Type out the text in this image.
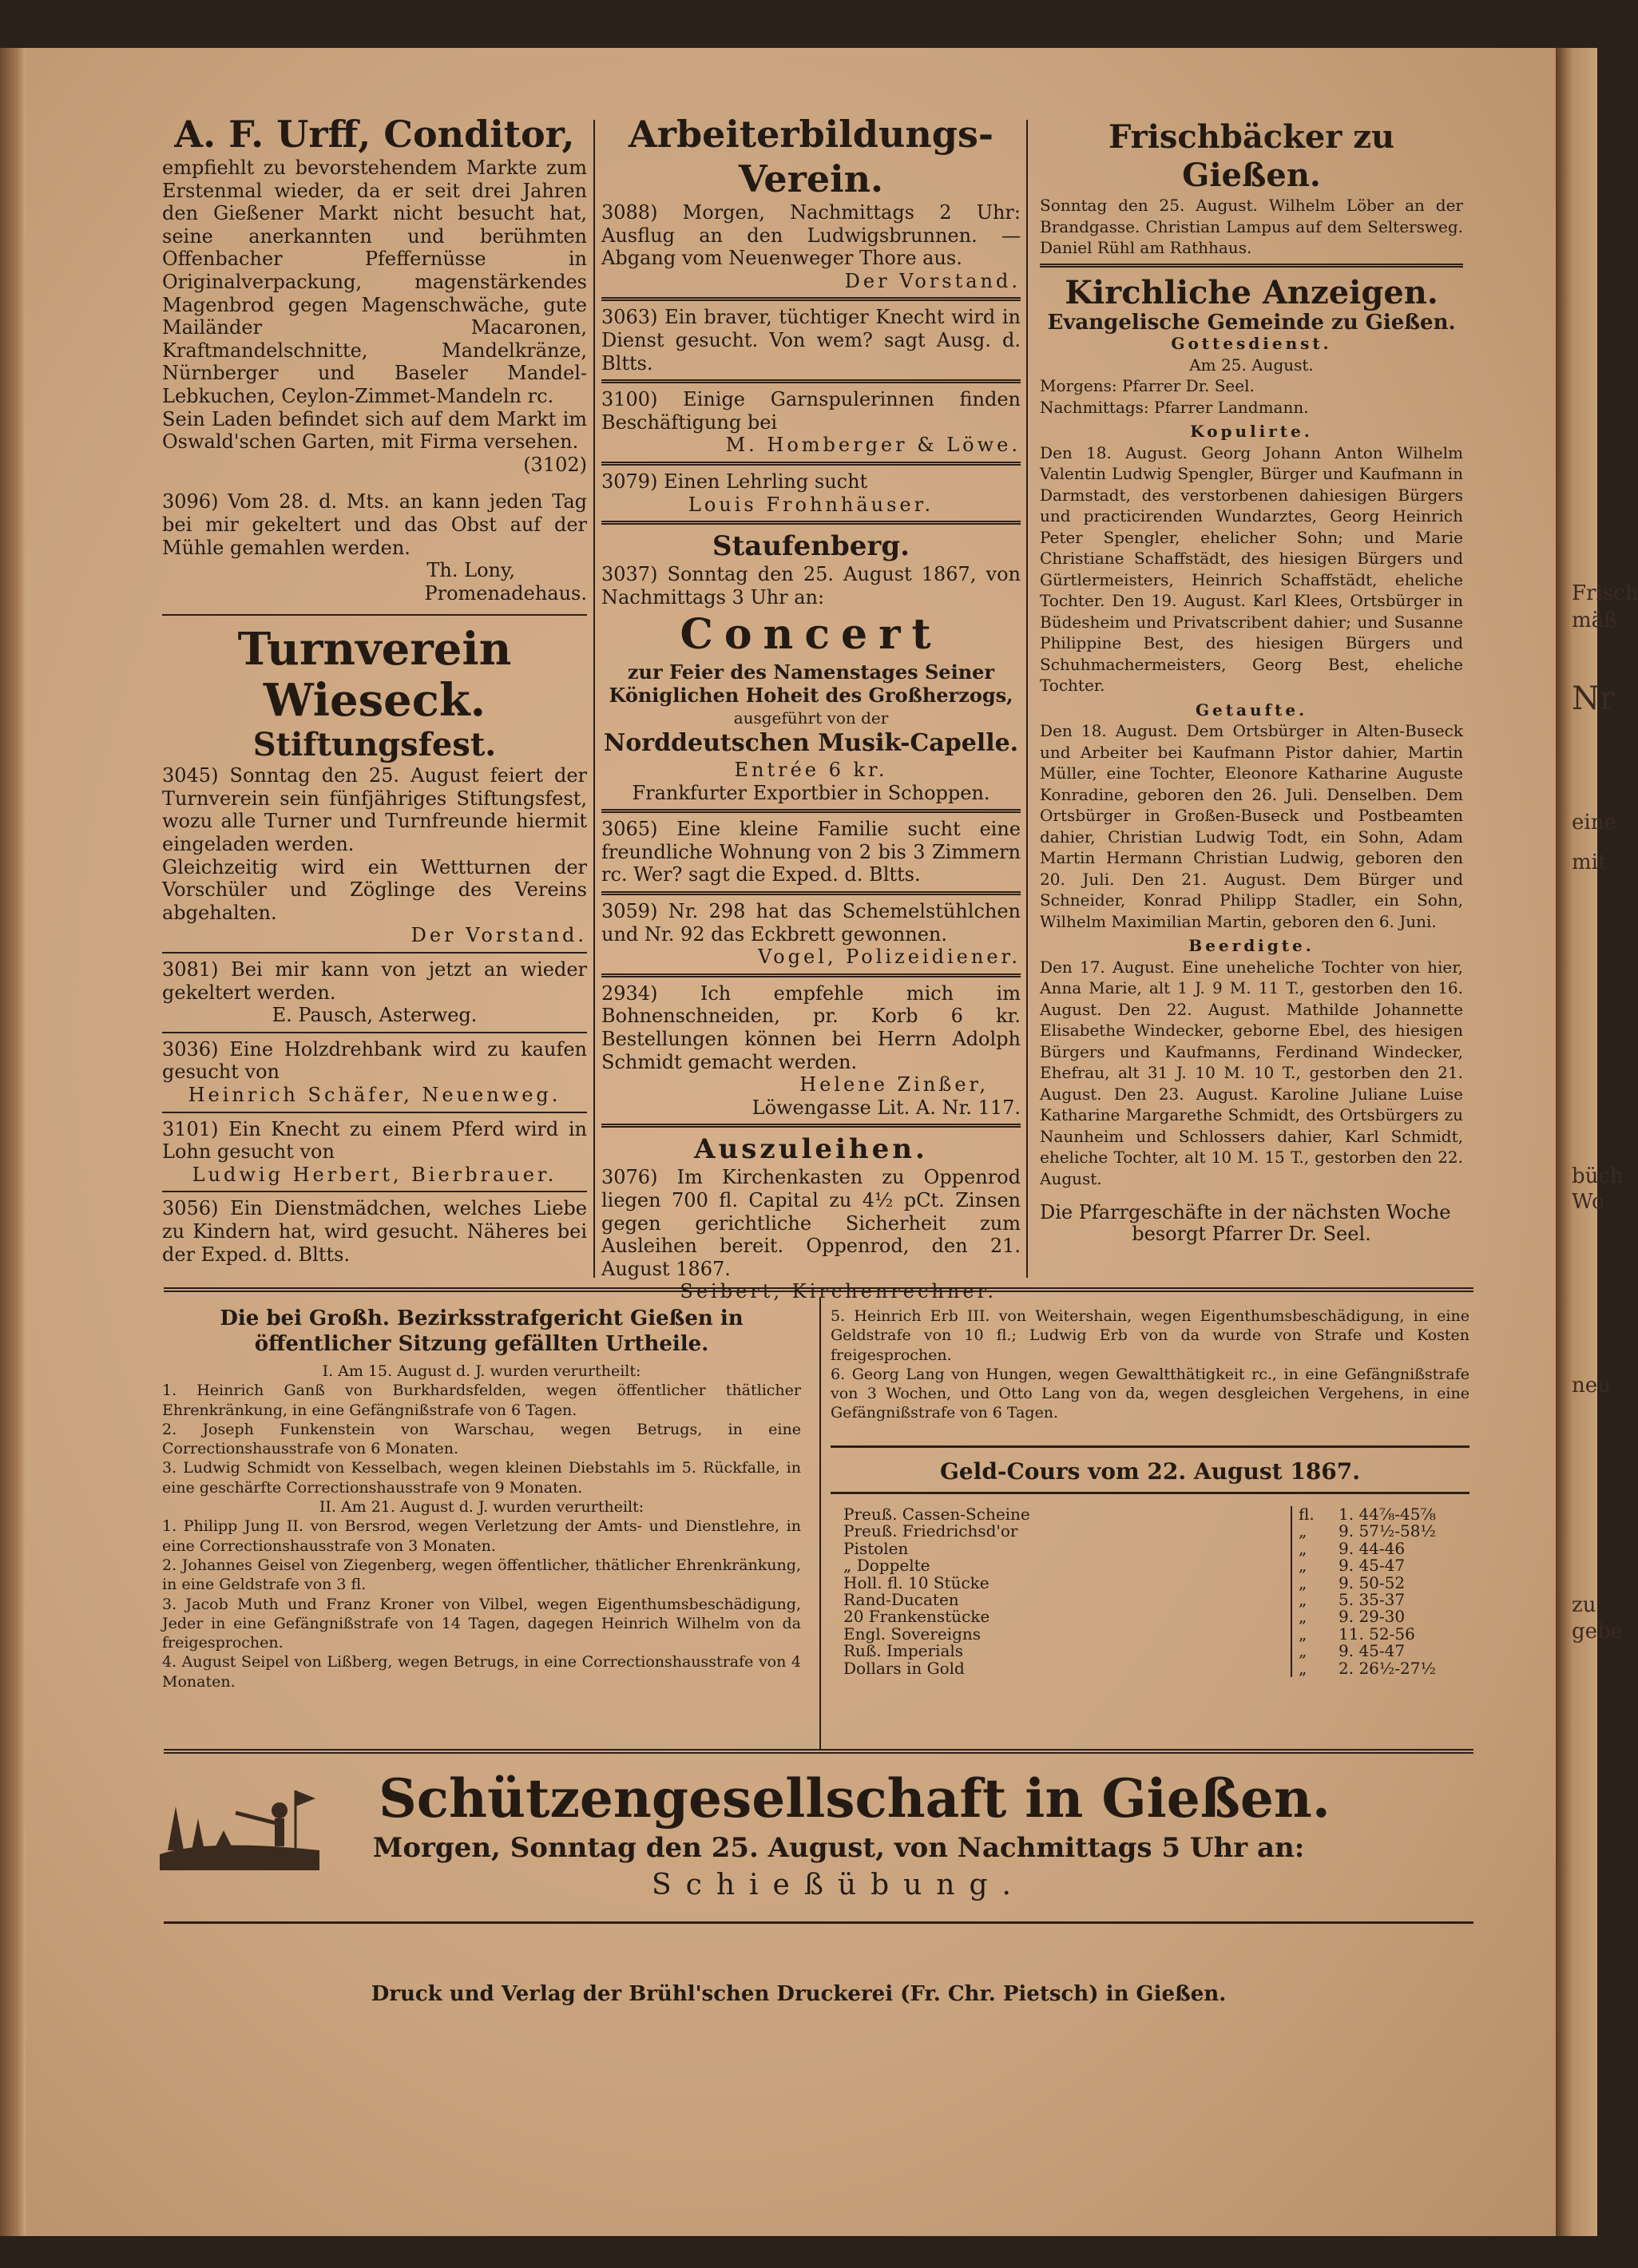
Frisch
mäß
Nr
eine
mit
büch
Wo
neu
zu
gebe
A. F. Urff, Conditor,

empfiehlt zu bevorstehendem Markte zum Erstenmal wieder, da er seit drei Jahren den Gießener Markt nicht besucht hat, seine anerkannten und berühmten Offenbacher Pfeffernüsse in Originalverpackung, magenstärkendes Magenbrod gegen Magenschwäche, gute Mailänder Macaronen, Kraftmandelschnitte, Mandelkränze, Nürnberger und Baseler Mandel-Lebkuchen, Ceylon-Zimmet-Mandeln rc.

Sein Laden befindet sich auf dem Markt im Oswald'schen Garten, mit Firma versehen.

(3102)

3096) Vom 28. d. Mts. an kann jeden Tag bei mir gekeltert und das Obst auf der Mühle gemahlen werden.

Th. Lony,

Promenadehaus.

Turnverein Wieseck.
Stiftungsfest.

3045) Sonntag den 25. August feiert der Turnverein sein fünfjähriges Stiftungsfest, wozu alle Turner und Turnfreunde hiermit eingeladen werden.

Gleichzeitig wird ein Wettturnen der Vorschüler und Zöglinge des Vereins abgehalten.

Der Vorstand.

3081) Bei mir kann von jetzt an wieder gekeltert werden.

E. Pausch, Asterweg.

3036) Eine Holzdrehbank wird zu kaufen gesucht von

Heinrich Schäfer, Neuenweg.

3101) Ein Knecht zu einem Pferd wird in Lohn gesucht von

Ludwig Herbert, Bierbrauer.

3056) Ein Dienstmädchen, welches Liebe zu Kindern hat, wird gesucht. Näheres bei der Exped. d. Bltts.

Arbeiterbildungs-Verein.

3088) Morgen, Nachmittags 2 Uhr: Ausflug an den Ludwigsbrunnen. — Abgang vom Neuenweger Thore aus.

Der Vorstand.

3063) Ein braver, tüchtiger Knecht wird in Dienst gesucht. Von wem? sagt Ausg. d. Bltts.

3100) Einige Garnspulerinnen finden Beschäftigung bei

M. Homberger & Löwe.

3079) Einen Lehrling sucht

Louis Frohnhäuser.

Staufenberg.

3037) Sonntag den 25. August 1867, von Nachmittags 3 Uhr an:

Concert

zur Feier des Namenstages Seiner Königlichen Hoheit des Großherzogs,

ausgeführt von der

Norddeutschen Musik-Capelle.

Entrée 6 kr.

Frankfurter Exportbier in Schoppen.

3065) Eine kleine Familie sucht eine freundliche Wohnung von 2 bis 3 Zimmern rc. Wer? sagt die Exped. d. Bltts.

3059) Nr. 298 hat das Schemelstühlchen und Nr. 92 das Eckbrett gewonnen.

Vogel, Polizeidiener.

2934) Ich empfehle mich im Bohnenschneiden, pr. Korb 6 kr. Bestellungen können bei Herrn Adolph Schmidt gemacht werden.

Helene Zinßer,

Löwengasse Lit. A. Nr. 117.

Auszuleihen.

3076) Im Kirchenkasten zu Oppenrod liegen 700 fl. Capital zu 4½ pCt. Zinsen gegen gerichtliche Sicherheit zum Ausleihen bereit. Oppenrod, den 21. August 1867.

Seibert, Kirchenrechner.

Frischbäcker zu Gießen.

Sonntag den 25. August. Wilhelm Löber an der Brandgasse. Christian Lampus auf dem Seltersweg. Daniel Rühl am Rathhaus.

Kirchliche Anzeigen.

Evangelische Gemeinde zu Gießen.

Gottesdienst.

Am 25. August.

Morgens: Pfarrer Dr. Seel.

Nachmittags: Pfarrer Landmann.

Kopulirte.

Den 18. August. Georg Johann Anton Wilhelm Valentin Ludwig Spengler, Bürger und Kaufmann in Darmstadt, des verstorbenen dahiesigen Bürgers und practicirenden Wundarztes, Georg Heinrich Peter Spengler, ehelicher Sohn; und Marie Christiane Schaffstädt, des hiesigen Bürgers und Gürtlermeisters, Heinrich Schaffstädt, eheliche Tochter. Den 19. August. Karl Klees, Ortsbürger in Büdesheim und Privatscribent dahier; und Susanne Philippine Best, des hiesigen Bürgers und Schuhmachermeisters, Georg Best, eheliche Tochter.

Getaufte.

Den 18. August. Dem Ortsbürger in Alten-Buseck und Arbeiter bei Kaufmann Pistor dahier, Martin Müller, eine Tochter, Eleonore Katharine Auguste Konradine, geboren den 26. Juli. Denselben. Dem Ortsbürger in Großen-Buseck und Postbeamten dahier, Christian Ludwig Todt, ein Sohn, Adam Martin Hermann Christian Ludwig, geboren den 20. Juli. Den 21. August. Dem Bürger und Schneider, Konrad Philipp Stadler, ein Sohn, Wilhelm Maximilian Martin, geboren den 6. Juni.

Beerdigte.

Den 17. August. Eine uneheliche Tochter von hier, Anna Marie, alt 1 J. 9 M. 11 T., gestorben den 16. August. Den 22. August. Mathilde Johannette Elisabethe Windecker, geborne Ebel, des hiesigen Bürgers und Kaufmanns, Ferdinand Windecker, Ehefrau, alt 31 J. 10 M. 10 T., gestorben den 21. August. Den 23. August. Karoline Juliane Luise Katharine Margarethe Schmidt, des Ortsbürgers zu Naunheim und Schlossers dahier, Karl Schmidt, eheliche Tochter, alt 10 M. 15 T., gestorben den 22. August.

Die Pfarrgeschäfte in der nächsten Woche

besorgt Pfarrer Dr. Seel.

Die bei Großh. Bezirksstrafgericht Gießen in öffentlicher Sitzung gefällten Urtheile.

I. Am 15. August d. J. wurden verurtheilt:

1. Heinrich Ganß von Burkhardsfelden, wegen öffentlicher thätlicher Ehrenkränkung, in eine Gefängnißstrafe von 6 Tagen.

2. Joseph Funkenstein von Warschau, wegen Betrugs, in eine Correctionshausstrafe von 6 Monaten.

3. Ludwig Schmidt von Kesselbach, wegen kleinen Diebstahls im 5. Rückfalle, in eine geschärfte Correctionshausstrafe von 9 Monaten.

II. Am 21. August d. J. wurden verurtheilt:

1. Philipp Jung II. von Bersrod, wegen Verletzung der Amts- und Dienstlehre, in eine Correctionshausstrafe von 3 Monaten.

2. Johannes Geisel von Ziegenberg, wegen öffentlicher, thätlicher Ehrenkränkung, in eine Geldstrafe von 3 fl.

3. Jacob Muth und Franz Kroner von Vilbel, wegen Eigenthumsbeschädigung, Jeder in eine Gefängnißstrafe von 14 Tagen, dagegen Heinrich Wilhelm von da freigesprochen.

4. August Seipel von Lißberg, wegen Betrugs, in eine Correctionshausstrafe von 4 Monaten.

5. Heinrich Erb III. von Weitershain, wegen Eigenthumsbeschädigung, in eine Geldstrafe von 10 fl.; Ludwig Erb von da wurde von Strafe und Kosten freigesprochen.

6. Georg Lang von Hungen, wegen Gewaltthätigkeit rc., in eine Gefängnißstrafe von 3 Wochen, und Otto Lang von da, wegen desgleichen Vergehens, in eine Gefängnißstrafe von 6 Tagen.

Geld-Cours vom 22. August 1867.
Preuß. Cassen-Scheine	fl.	1. 44⅞-45⅞
Preuß. Friedrichsd'or	„	9. 57½-58½
Pistolen	„	9. 44-46
„ Doppelte	„	9. 45-47
Holl. fl. 10 Stücke	„	9. 50-52
Rand-Ducaten	„	5. 35-37
20 Frankenstücke	„	9. 29-30
Engl. Sovereigns	„	11. 52-56
Ruß. Imperials	„	9. 45-47
Dollars in Gold	„	2. 26½-27½
Schützengesellschaft in Gießen.
Morgen, Sonntag den 25. August, von Nachmittags 5 Uhr an:
Schießübung.
Druck und Verlag der Brühl'schen Druckerei (Fr. Chr. Pietsch) in Gießen.
